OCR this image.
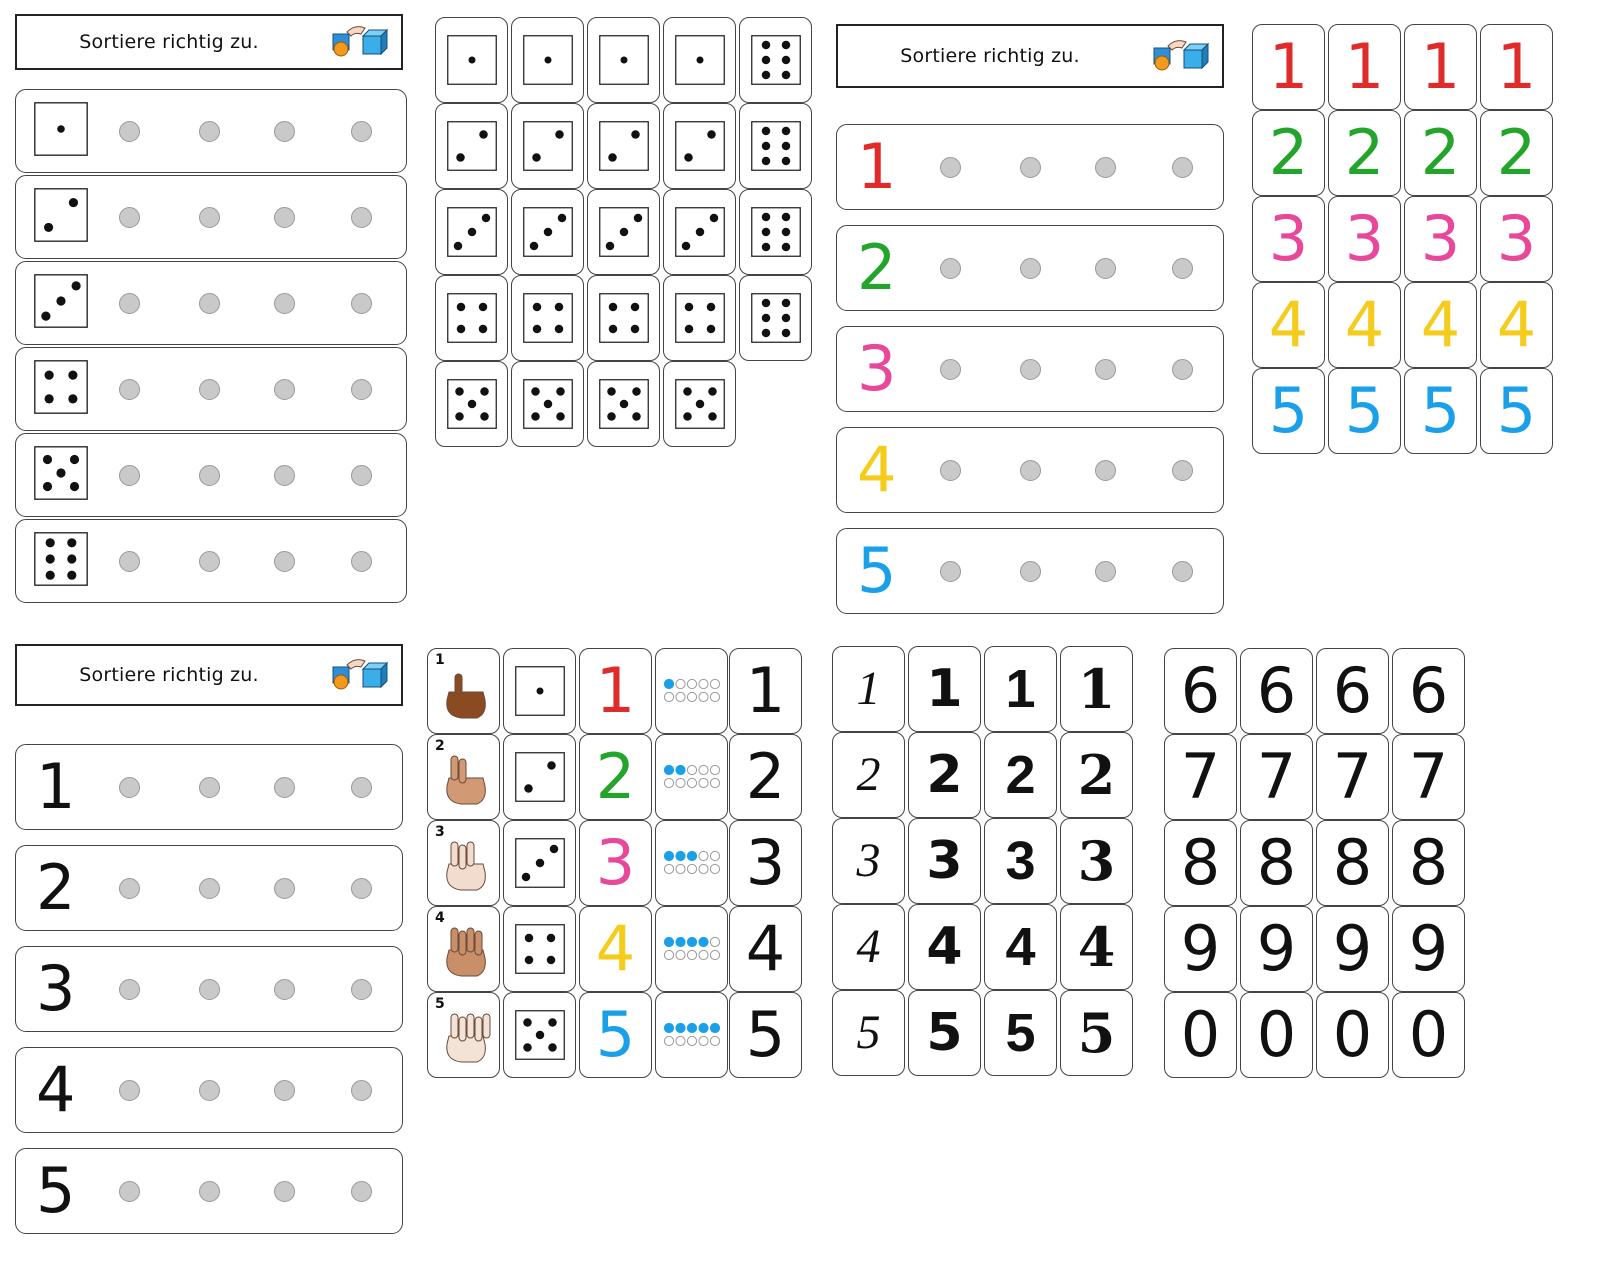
Sortiere richtig zu.
Sortiere richtig zu.
1
2
3
4
5
1 1 1 1
2 2 2 2
3 3 3 3
4 4 4 4
5 5 5 5
Sortiere richtig zu.
1
2
3
4
5
1 1 1
2 2 2
3 3 3
4 4 4
5 5 5
1 1 1 1
2 2 2 2
3 3 3 3
4 4 4 4
5 5 5 5
6 6 6 6
7 7 7 7
8 8 8 8
9 9 9 9
0 0 0 0
